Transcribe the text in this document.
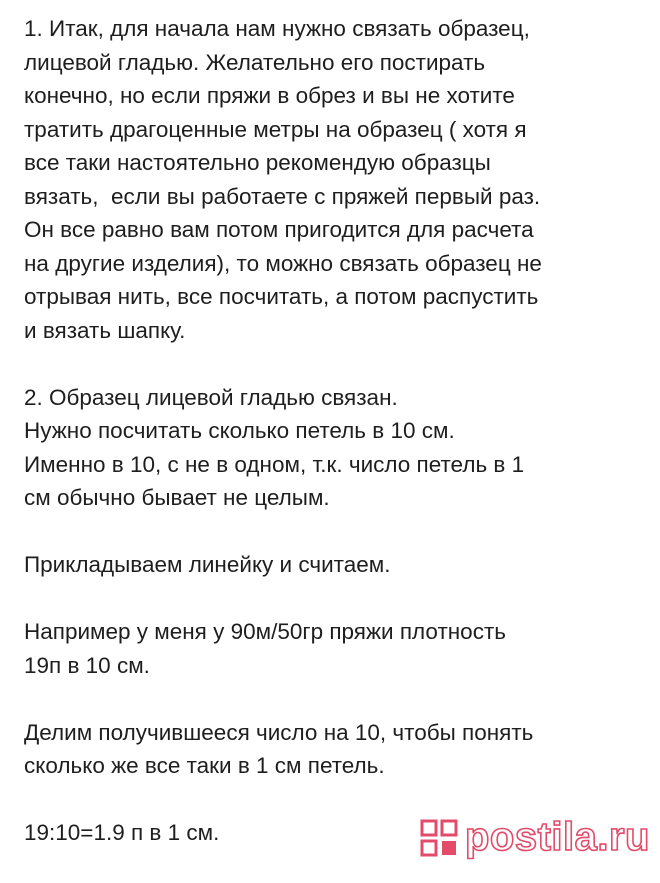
1. Итак, для начала нам нужно связать образец,
лицевой гладью. Желательно его постирать
конечно, но если пряжи в обрез и вы не хотите
тратить драгоценные метры на образец ( хотя я
все таки настоятельно рекомендую образцы
вязать,  если вы работаете с пряжей первый раз.
Он все равно вам потом пригодится для расчета
на другие изделия), то можно связать образец не
отрывая нить, все посчитать, а потом распустить
и вязать шапку.
2. Образец лицевой гладью связан.
Нужно посчитать сколько петель в 10 см.
Именно в 10, с не в одном, т.к. число петель в 1
см обычно бывает не целым.
Прикладываем линейку и считаем.
Например у меня у 90м/50гр пряжи плотность
19п в 10 см.
Делим получившееся число на 10, чтобы понять
сколько же все таки в 1 см петель.
19:10=1.9 п в 1 см.	postila.ru
